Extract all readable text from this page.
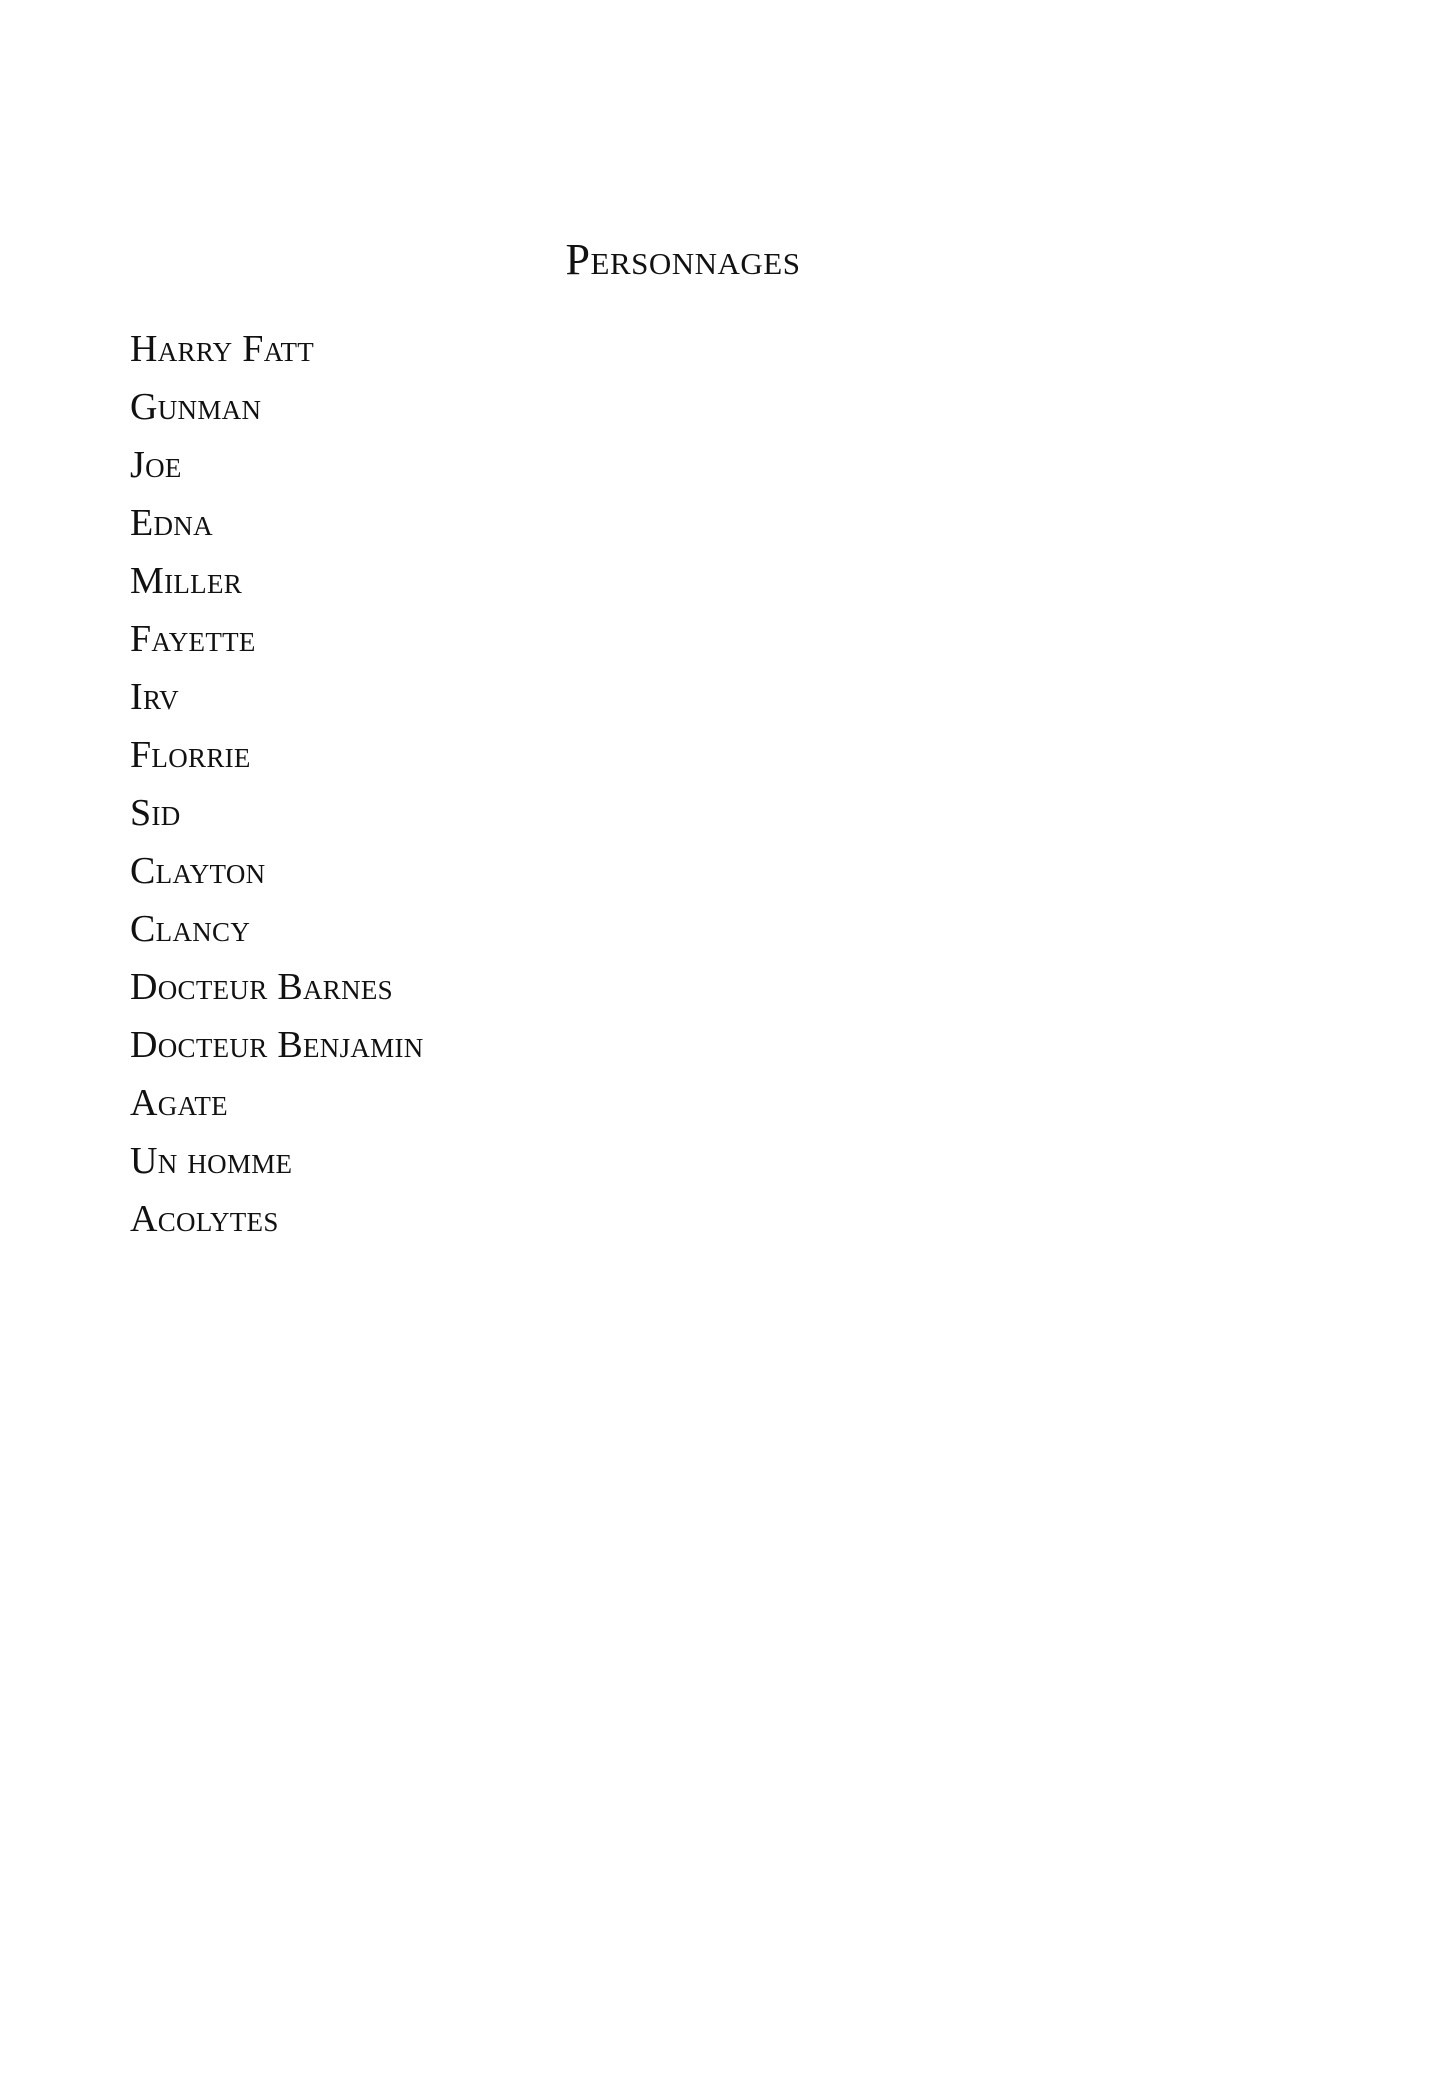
Personnages
Harry Fatt
Gunman
Joe
Edna
Miller
Fayette
Irv
Florrie
Sid
Clayton
Clancy
Docteur Barnes
Docteur Benjamin
Agate
Un homme
Acolytes
